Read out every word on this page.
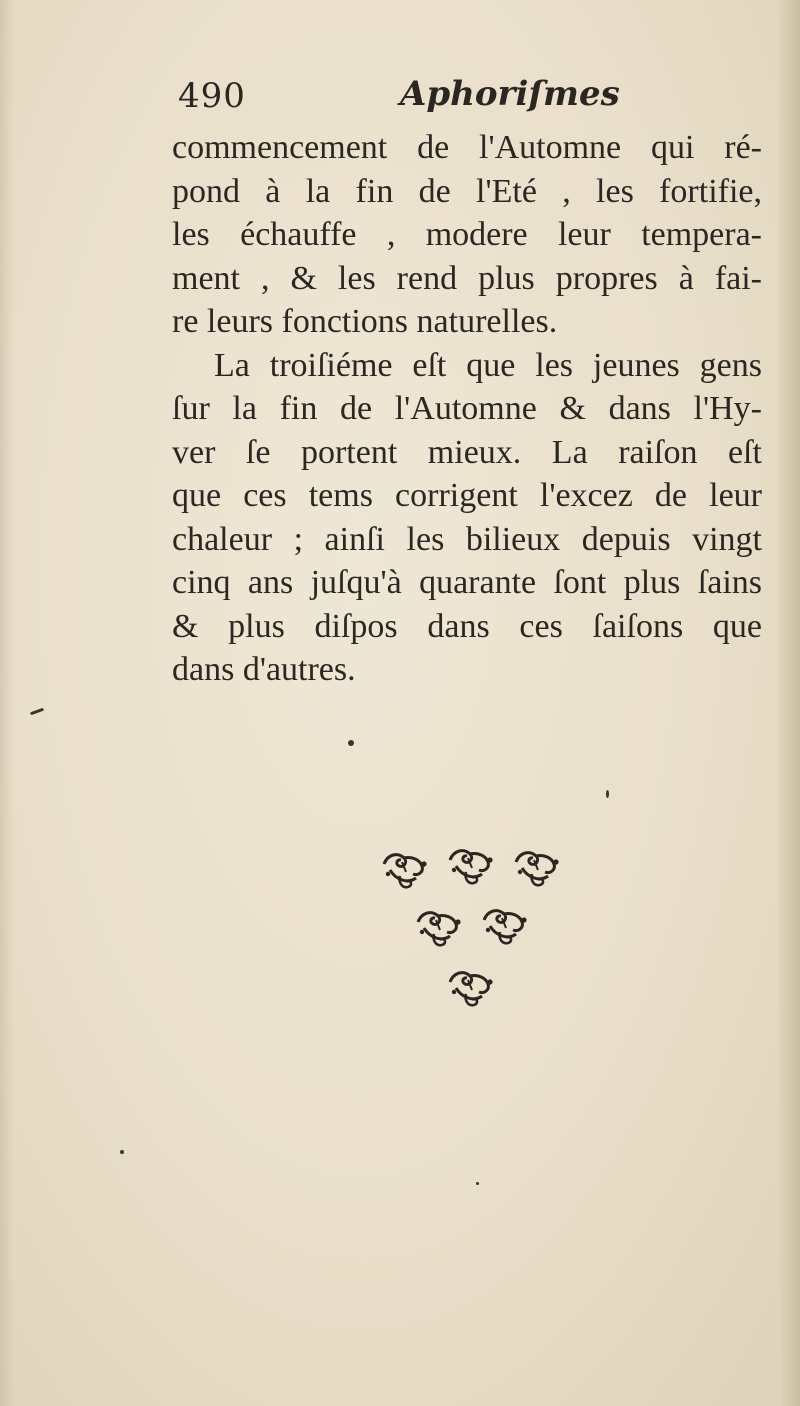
490	Aphoriſmes
commencement de l'Automne qui ré-
pond à la fin de l'Eté , les fortifie,
les échauffe , modere leur tempera-
ment , & les rend plus propres à fai-
re leurs fonctions naturelles.
La troiſiéme eſt que les jeunes gens
ſur la fin de l'Automne & dans l'Hy-
ver ſe portent mieux. La raiſon eſt
que ces tems corrigent l'excez de leur
chaleur ; ainſi les bilieux depuis vingt
cinq ans juſqu'à quarante ſont plus ſains
& plus diſpos dans ces ſaiſons que
dans d'autres.
